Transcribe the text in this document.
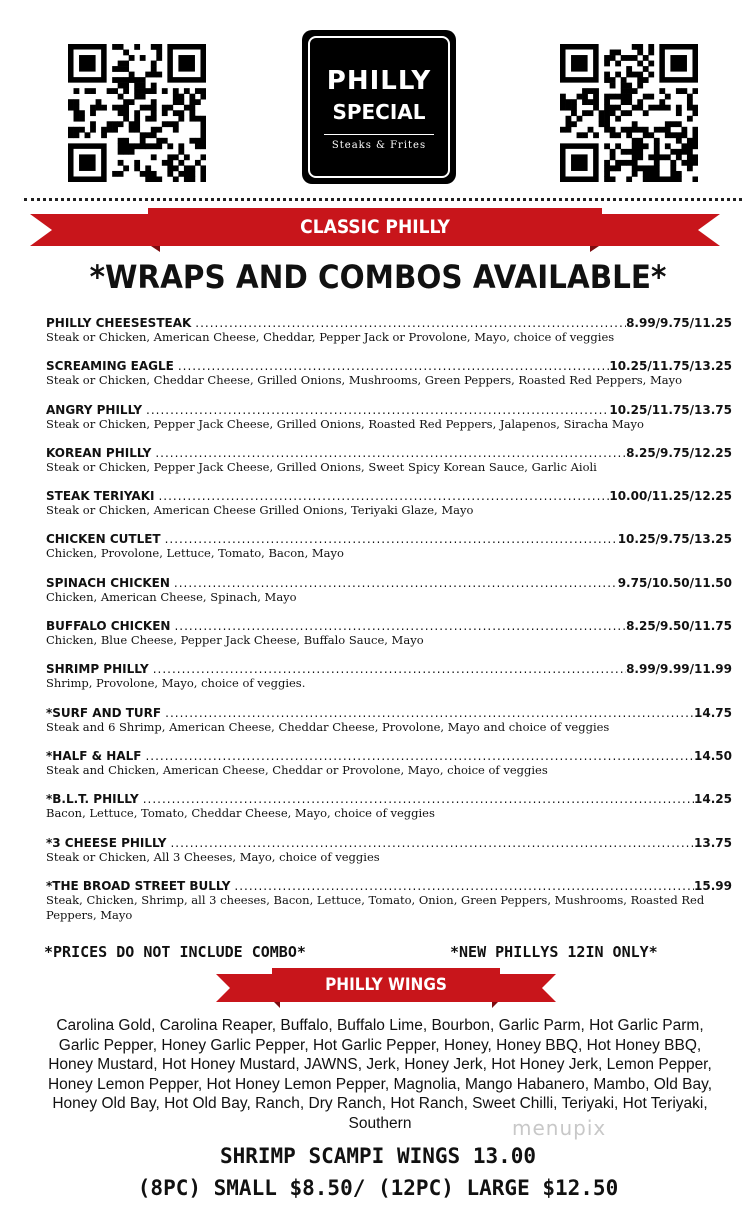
PHILLY
SPECIAL
Steaks & Frites
CLASSIC PHILLY
*WRAPS AND COMBOS AVAILABLE*
PHILLY CHEESESTEAK .....	8.99/9.75/11.25
Steak or Chicken, American Cheese, Cheddar, Pepper Jack or Provolone, Mayo, choice of veggies
SCREAMING EAGLE .....	10.25/11.75/13.25
Steak or Chicken, Cheddar Cheese, Grilled Onions, Mushrooms, Green Peppers, Roasted Red Peppers, Mayo
ANGRY PHILLY .....	10.25/11.75/13.75
Steak or Chicken, Pepper Jack Cheese, Grilled Onions, Roasted Red Peppers, Jalapenos, Siracha Mayo
KOREAN PHILLY .....	8.25/9.75/12.25
Steak or Chicken, Pepper Jack Cheese, Grilled Onions, Sweet Spicy Korean Sauce, Garlic Aioli
STEAK TERIYAKI .....	10.00/11.25/12.25
Steak or Chicken, American Cheese Grilled Onions, Teriyaki Glaze, Mayo
CHICKEN CUTLET .....	10.25/9.75/13.25
Chicken, Provolone, Lettuce, Tomato, Bacon, Mayo
SPINACH CHICKEN .....	9.75/10.50/11.50
Chicken, American Cheese, Spinach, Mayo
BUFFALO CHICKEN .....	8.25/9.50/11.75
Chicken, Blue Cheese, Pepper Jack Cheese, Buffalo Sauce, Mayo
SHRIMP PHILLY .....	8.99/9.99/11.99
Shrimp, Provolone, Mayo, choice of veggies.
*SURF AND TURF .....	14.75
Steak and 6 Shrimp, American Cheese, Cheddar Cheese, Provolone, Mayo and choice of veggies
*HALF & HALF .....	14.50
Steak and Chicken, American Cheese, Cheddar or Provolone, Mayo, choice of veggies
*B.L.T. PHILLY .....	14.25
Bacon, Lettuce, Tomato, Cheddar Cheese, Mayo, choice of veggies
*3 CHEESE PHILLY .....	13.75
Steak or Chicken, All 3 Cheeses, Mayo, choice of veggies
*THE BROAD STREET BULLY .....	15.99
Steak, Chicken, Shrimp, all 3 cheeses, Bacon, Lettuce, Tomato, Onion, Green Peppers, Mushrooms, Roasted Red Peppers, Mayo
*PRICES DO NOT INCLUDE COMBO*	*NEW PHILLYS 12IN ONLY*
PHILLY WINGS
Carolina Gold, Carolina Reaper, Buffalo, Buffalo Lime, Bourbon, Garlic Parm, Hot Garlic Parm, Garlic Pepper, Honey Garlic Pepper, Hot Garlic Pepper, Honey, Honey BBQ, Hot Honey BBQ, Honey Mustard, Hot Honey Mustard, JAWNS, Jerk, Honey Jerk, Hot Honey Jerk, Lemon Pepper, Honey Lemon Pepper, Hot Honey Lemon Pepper, Magnolia, Mango Habanero, Mambo, Old Bay, Honey Old Bay, Hot Old Bay, Ranch, Dry Ranch, Hot Ranch, Sweet Chilli, Teriyaki, Hot Teriyaki, Southern	menupix
SHRIMP SCAMPI WINGS 13.00
(8PC) SMALL $8.50/ (12PC) LARGE $12.50
